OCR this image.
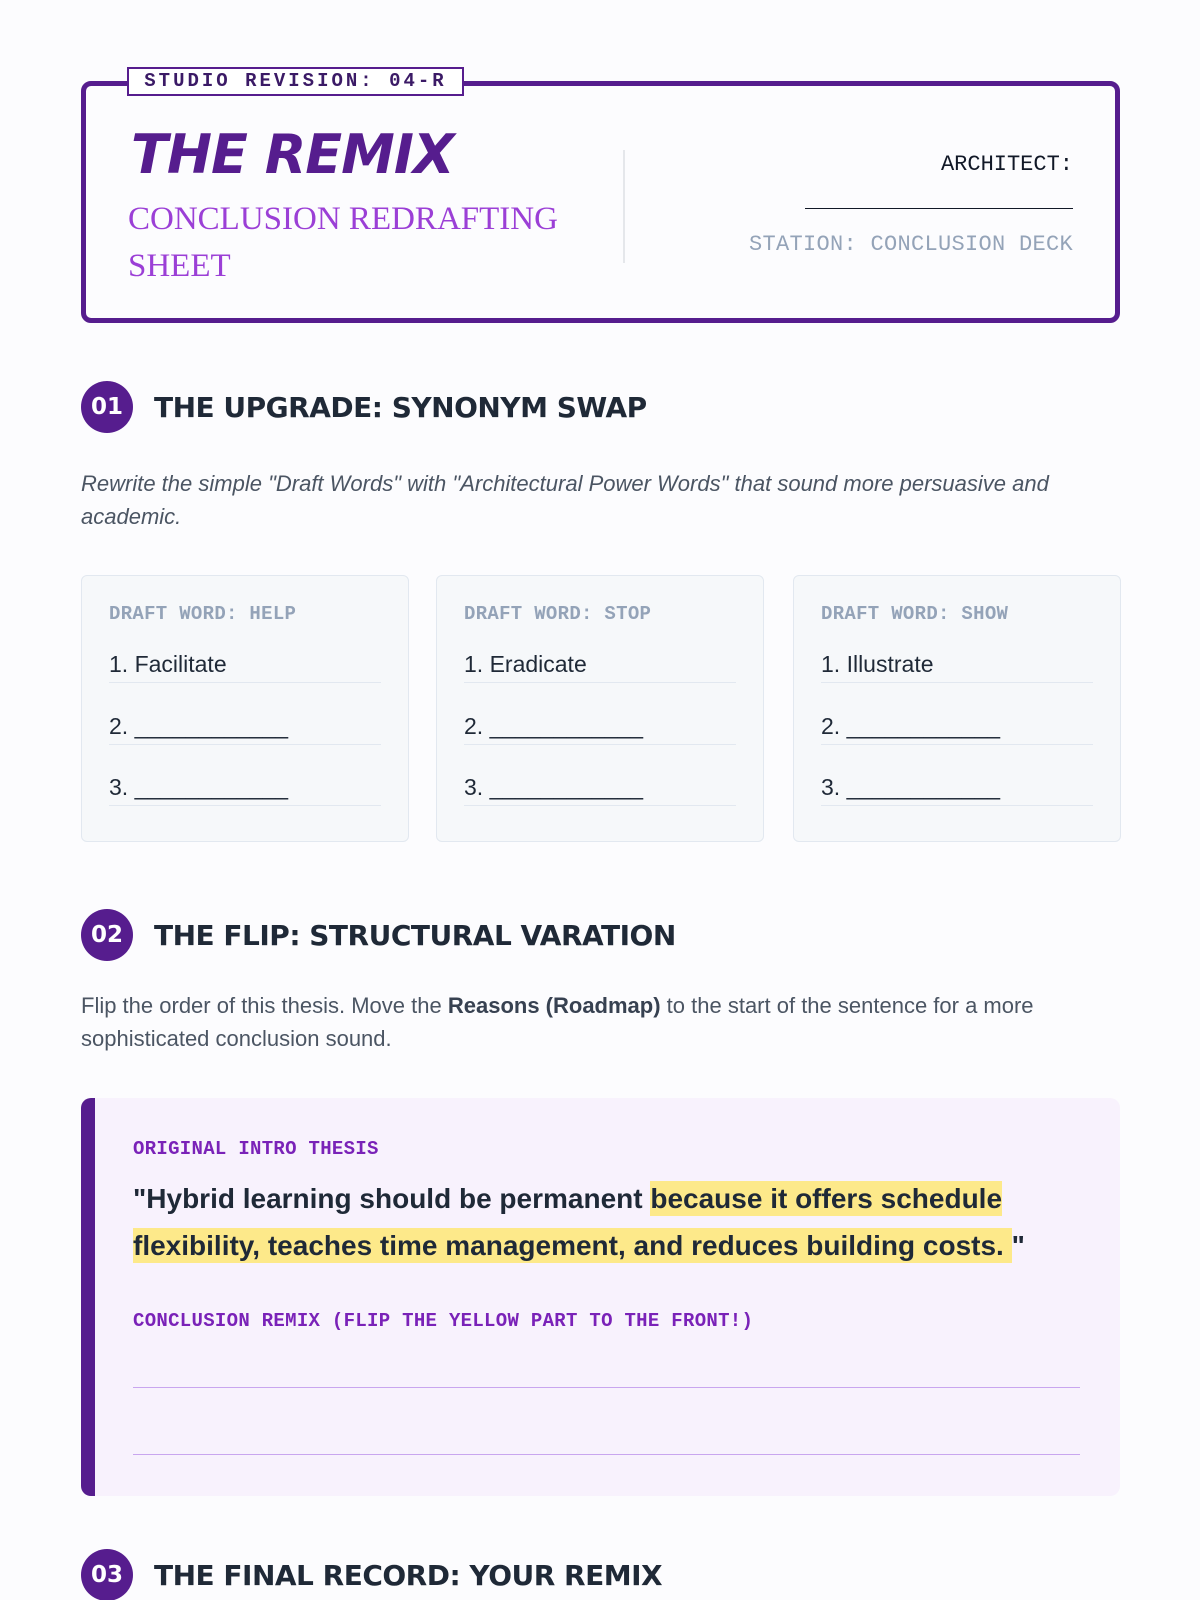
STUDIO REVISION: 04-R
THE REMIX

CONCLUSION REDRAFTING SHEET

ARCHITECT:
STATION: CONCLUSION DECK
01	THE UPGRADE: SYNONYM SWAP

Rewrite the simple "Draft Words" with "Architectural Power Words" that sound more persuasive and academic.

DRAFT WORD: HELP
1. Facilitate
2. ____________
3. ____________
DRAFT WORD: STOP
1. Eradicate
2. ____________
3. ____________
DRAFT WORD: SHOW
1. Illustrate
2. ____________
3. ____________
02	THE FLIP: STRUCTURAL VARATION

Flip the order of this thesis. Move the Reasons (Roadmap) to the start of the sentence for a more sophisticated conclusion sound.

ORIGINAL INTRO THESIS

"Hybrid learning should be permanent because it offers schedule flexibility, teaches time management, and reduces building costs. "

CONCLUSION REMIX (FLIP THE YELLOW PART TO THE FRONT!)
03	THE FINAL RECORD: YOUR REMIX
